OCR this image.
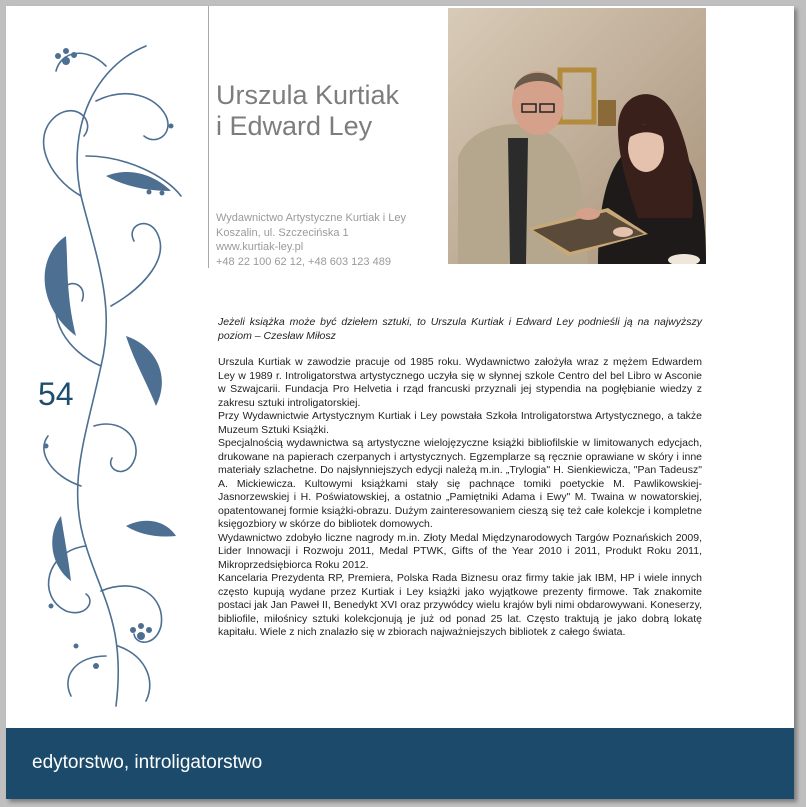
54
Urszula Kurtiak
i Edward Ley
Wydawnictwo Artystyczne Kurtiak i Ley
Koszalin, ul. Szczecińska 1
www.kurtiak-ley.pl
+48 22 100 62 12, +48 603 123 489

Jeżeli książka może być dziełem sztuki, to Urszula Kurtiak i Edward Ley podnieśli ją na najwyższy poziom – Czesław Miłosz

Urszula Kurtiak w zawodzie pracuje od 1985 roku. Wydawnictwo założyła wraz z mężem Edwardem Ley w 1989 r. Introligatorstwa artystycznego uczyła się w słynnej szkole Centro del bel Libro w Asconie w Szwajcarii. Fundacja Pro Helvetia i rząd francuski przyznali jej stypendia na pogłębianie wiedzy z zakresu sztuki introligatorskiej.

Przy Wydawnictwie Artystycznym Kurtiak i Ley powstała Szkoła Introligatorstwa Artystycznego, a także Muzeum Sztuki Książki.

Specjalnością wydawnictwa są artystyczne wielojęzyczne książki bibliofilskie w limitowanych edycjach, drukowane na papierach czerpanych i artystycznych. Egzemplarze są ręcznie oprawiane w skóry i inne materiały szlachetne. Do najsłynniejszych edycji należą m.in. „Trylogia" H. Sienkiewicza, "Pan Tadeusz" A. Mickiewicza. Kultowymi książkami stały się pachnące tomiki poetyckie M. Pawlikowskiej-Jasnorzewskiej i H. Poświatowskiej, a ostatnio „Pamiętniki Adama i Ewy" M. Twaina w nowatorskiej, opatentowanej formie książki-obrazu. Dużym zainteresowaniem cieszą się też całe kolekcje i kompletne księgozbiory w skórze do bibliotek domowych.

Wydawnictwo zdobyło liczne nagrody m.in. Złoty Medal Międzynarodowych Targów Poznańskich 2009, Lider Innowacji i Rozwoju 2011, Medal PTWK, Gifts of the Year 2010 i 2011, Produkt Roku 2011, Mikroprzedsiębiorca Roku 2012.

Kancelaria Prezydenta RP, Premiera, Polska Rada Biznesu oraz firmy takie jak IBM, HP i wiele innych często kupują wydane przez Kurtiak i Ley książki jako wyjątkowe prezenty firmowe. Tak znakomite postaci jak Jan Paweł II, Benedykt XVI oraz przywódcy wielu krajów byli nimi obdarowywani. Koneserzy, bibliofile, miłośnicy sztuki kolekcjonują je już od ponad 25 lat. Często traktują je jako dobrą lokatę kapitału. Wiele z nich znalazło się w zbiorach najważniejszych bibliotek z całego świata.

edytorstwo, introligatorstwo
